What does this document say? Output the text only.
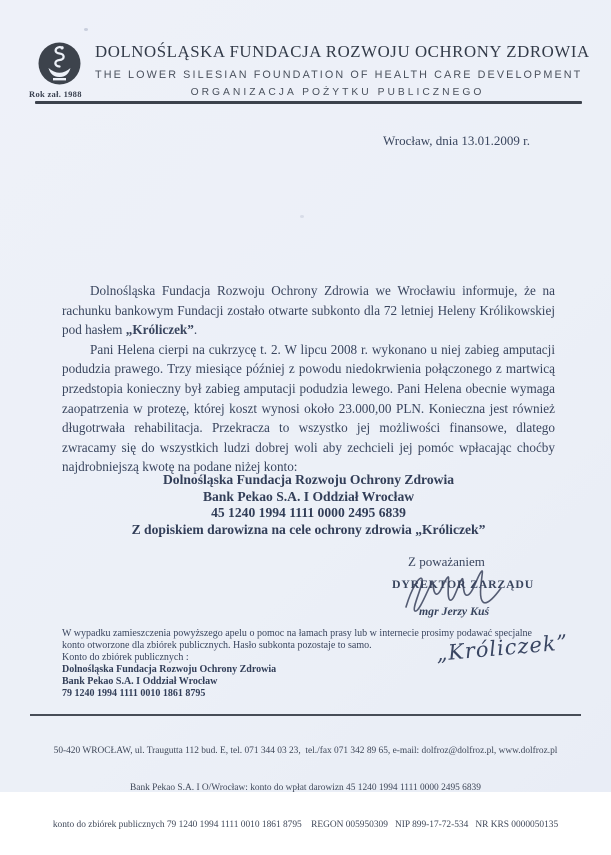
Rok zał. 1988
DOLNOŚLĄSKA FUNDACJA ROZWOJU OCHRONY ZDROWIA
THE LOWER SILESIAN FOUNDATION OF HEALTH CARE DEVELOPMENT
ORGANIZACJA POŻYTKU PUBLICZNEGO
Wrocław, dnia 13.01.2009 r.

Dolnośląska Fundacja Rozwoju Ochrony Zdrowia we Wrocławiu informuje, że na rachunku bankowym Fundacji zostało otwarte subkonto dla 72 letniej Heleny Królikowskiej pod hasłem „Króliczek”.

Pani Helena cierpi na cukrzycę t. 2. W lipcu 2008 r. wykonano u niej zabieg amputacji podudzia prawego. Trzy miesiące później z powodu niedokrwienia połączonego z martwicą przedstopia konieczny był zabieg amputacji podudzia lewego. Pani Helena obecnie wymaga zaopatrzenia w protezę, której koszt wynosi około 23.000,00 PLN. Konieczna jest również długotrwała rehabilitacja. Przekracza to wszystko jej możliwości finansowe, dlatego zwracamy się do wszystkich ludzi dobrej woli aby zechcieli jej pomóc wpłacając choćby najdrobniejszą kwotę na podane niżej konto:

Dolnośląska Fundacja Rozwoju Ochrony Zdrowia
Bank Pekao S.A. I Oddział Wrocław
45 1240 1994 1111 0000 2495 6839
Z dopiskiem darowizna na cele ochrony zdrowia „Króliczek”
Z poważaniem
DYREKTOR ZARZĄDU
mgr Jerzy Kuś
W wypadku zamieszczenia powyższego apelu o pomoc na łamach prasy lub w internecie prosimy podawać specjalne konto otworzone dla zbiórek publicznych. Hasło subkonta pozostaje to samo.	„Króliczek”
Konto do zbiórek publicznych :
Dolnośląska Fundacja Rozwoju Ochrony Zdrowia
Bank Pekao S.A. I Oddział Wrocław
79 1240 1994 1111 0010 1861 8795

50-420 WROCŁAW, ul. Traugutta 112 bud. E, tel. 071 344 03 23,  tel./fax 071 342 89 65, e-mail: dolfroz@dolfroz.pl, www.dolfroz.pl

Bank Pekao S.A. I O/Wrocław: konto do wpłat darowizn 45 1240 1994 1111 0000 2495 6839

konto do zbiórek publicznych 79 1240 1994 1111 0010 1861 8795    REGON 005950309   NIP 899-17-72-534   NR KRS 0000050135
